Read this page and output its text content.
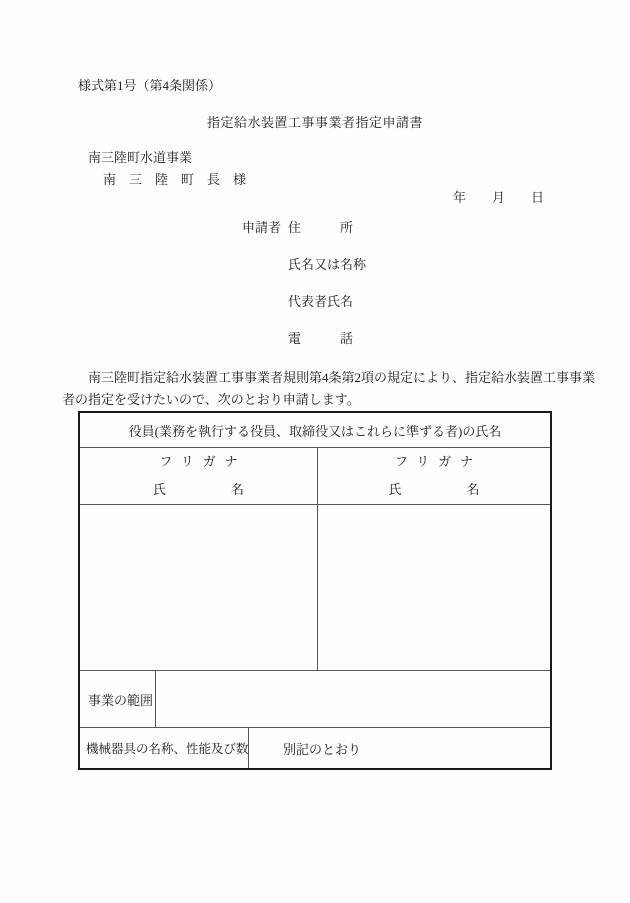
様式第1号（第4条関係）
指定給水装置工事事業者指定申請書
南三陸町水道事業
南　三　陸　町　長　様
年　　月　　日
申請者 住　　　所
氏名又は名称
代表者氏名
電　　　話
南三陸町指定給水装置工事事業者規則第4条第2項の規定により、指定給水装置工事事業
者の指定を受けたいので、次のとおり申請します。
役員(業務を執行する役員、取締役又はこれらに準ずる者)の氏名
フリガナ
氏　　　　　名
フリガナ
氏　　　　　名
事業の範囲
機械器具の名称、性能及び数	別記のとおり
